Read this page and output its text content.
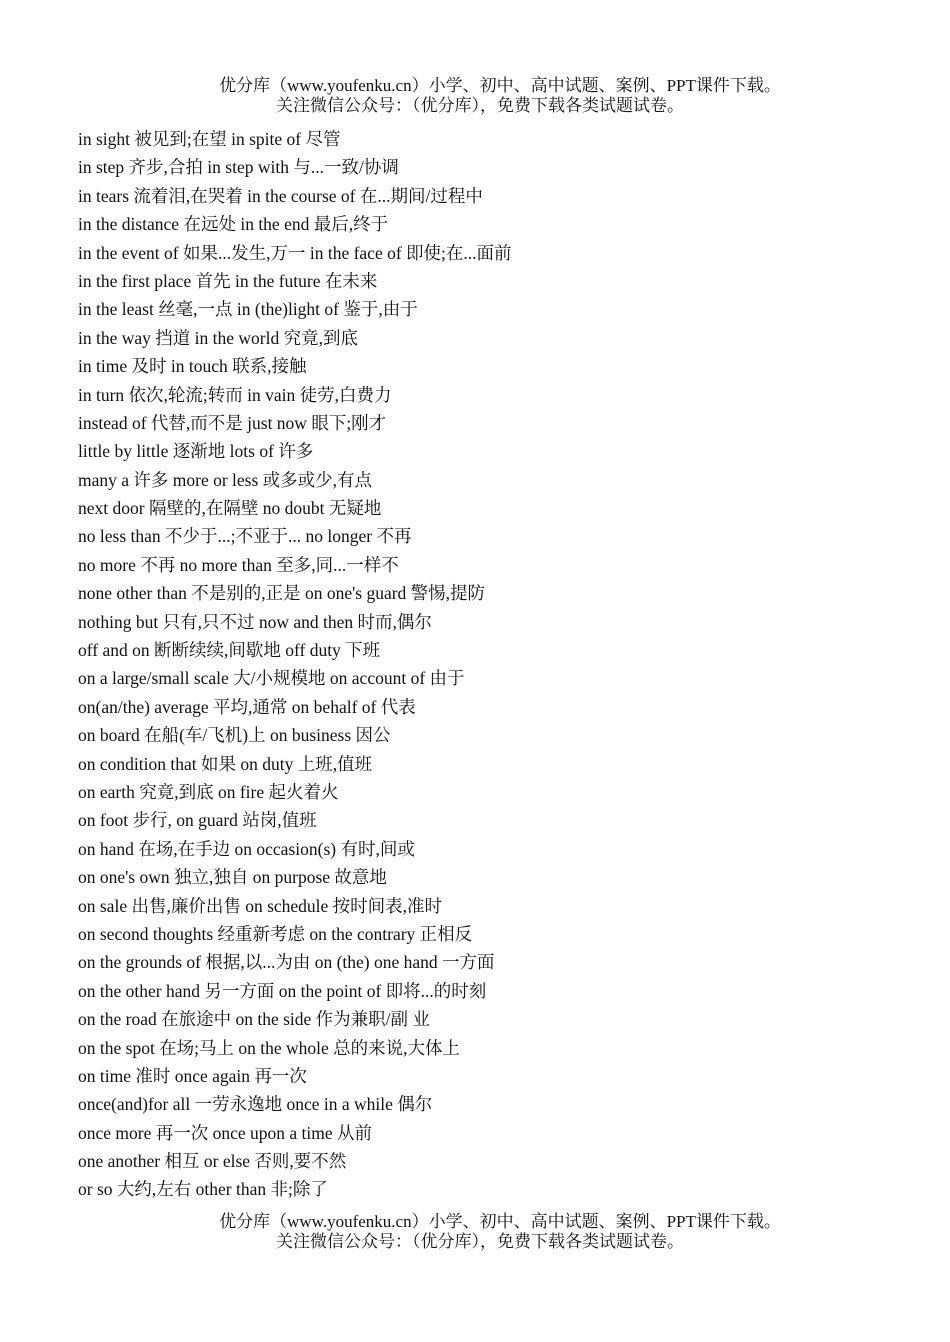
优分库（www.youfenku.cn）小学、初中、高中试题、案例、PPT课件下载。
关注微信公众号：（优分库），免费下载各类试题试卷。
in sight 被见到;在望 in spite of 尽管
in step 齐步,合拍 in step with 与...一致/协调
in tears 流着泪,在哭着 in the course of 在...期间/过程中
in the distance 在远处 in the end 最后,终于
in the event of 如果...发生,万一 in the face of 即使;在...面前
in the first place 首先 in the future 在未来
in the least 丝毫,一点 in (the)light of 鉴于,由于
in the way 挡道 in the world 究竟,到底
in time 及时 in touch 联系,接触
in turn 依次,轮流;转而 in vain 徒劳,白费力
instead of 代替,而不是 just now 眼下;刚才
little by little 逐渐地 lots of 许多
many a 许多 more or less 或多或少,有点
next door 隔壁的,在隔壁 no doubt 无疑地
no less than 不少于...;不亚于... no longer 不再
no more 不再 no more than 至多,同...一样不
none other than 不是别的,正是 on one's guard 警惕,提防
nothing but 只有,只不过 now and then 时而,偶尔
off and on 断断续续,间歇地 off duty 下班
on a large/small scale 大/小规模地 on account of 由于
on(an/the) average 平均,通常 on behalf of 代表
on board 在船(车/飞机)上 on business 因公
on condition that 如果 on duty 上班,值班
on earth 究竟,到底 on fire 起火着火
on foot 步行, on guard 站岗,值班
on hand 在场,在手边 on occasion(s) 有时,间或
on one's own 独立,独自 on purpose 故意地
on sale 出售,廉价出售 on schedule 按时间表,准时
on second thoughts 经重新考虑 on the contrary 正相反
on the grounds of 根据,以...为由 on (the) one hand 一方面
on the other hand 另一方面 on the point of 即将...的时刻
on the road 在旅途中 on the side 作为兼职/副 业
on the spot 在场;马上 on the whole 总的来说,大体上
on time 准时 once again 再一次
once(and)for all 一劳永逸地 once in a while 偶尔
once more 再一次 once upon a time 从前
one another 相互 or else 否则,要不然
or so 大约,左右 other than 非;除了
优分库（www.youfenku.cn）小学、初中、高中试题、案例、PPT课件下载。
关注微信公众号：（优分库），免费下载各类试题试卷。
